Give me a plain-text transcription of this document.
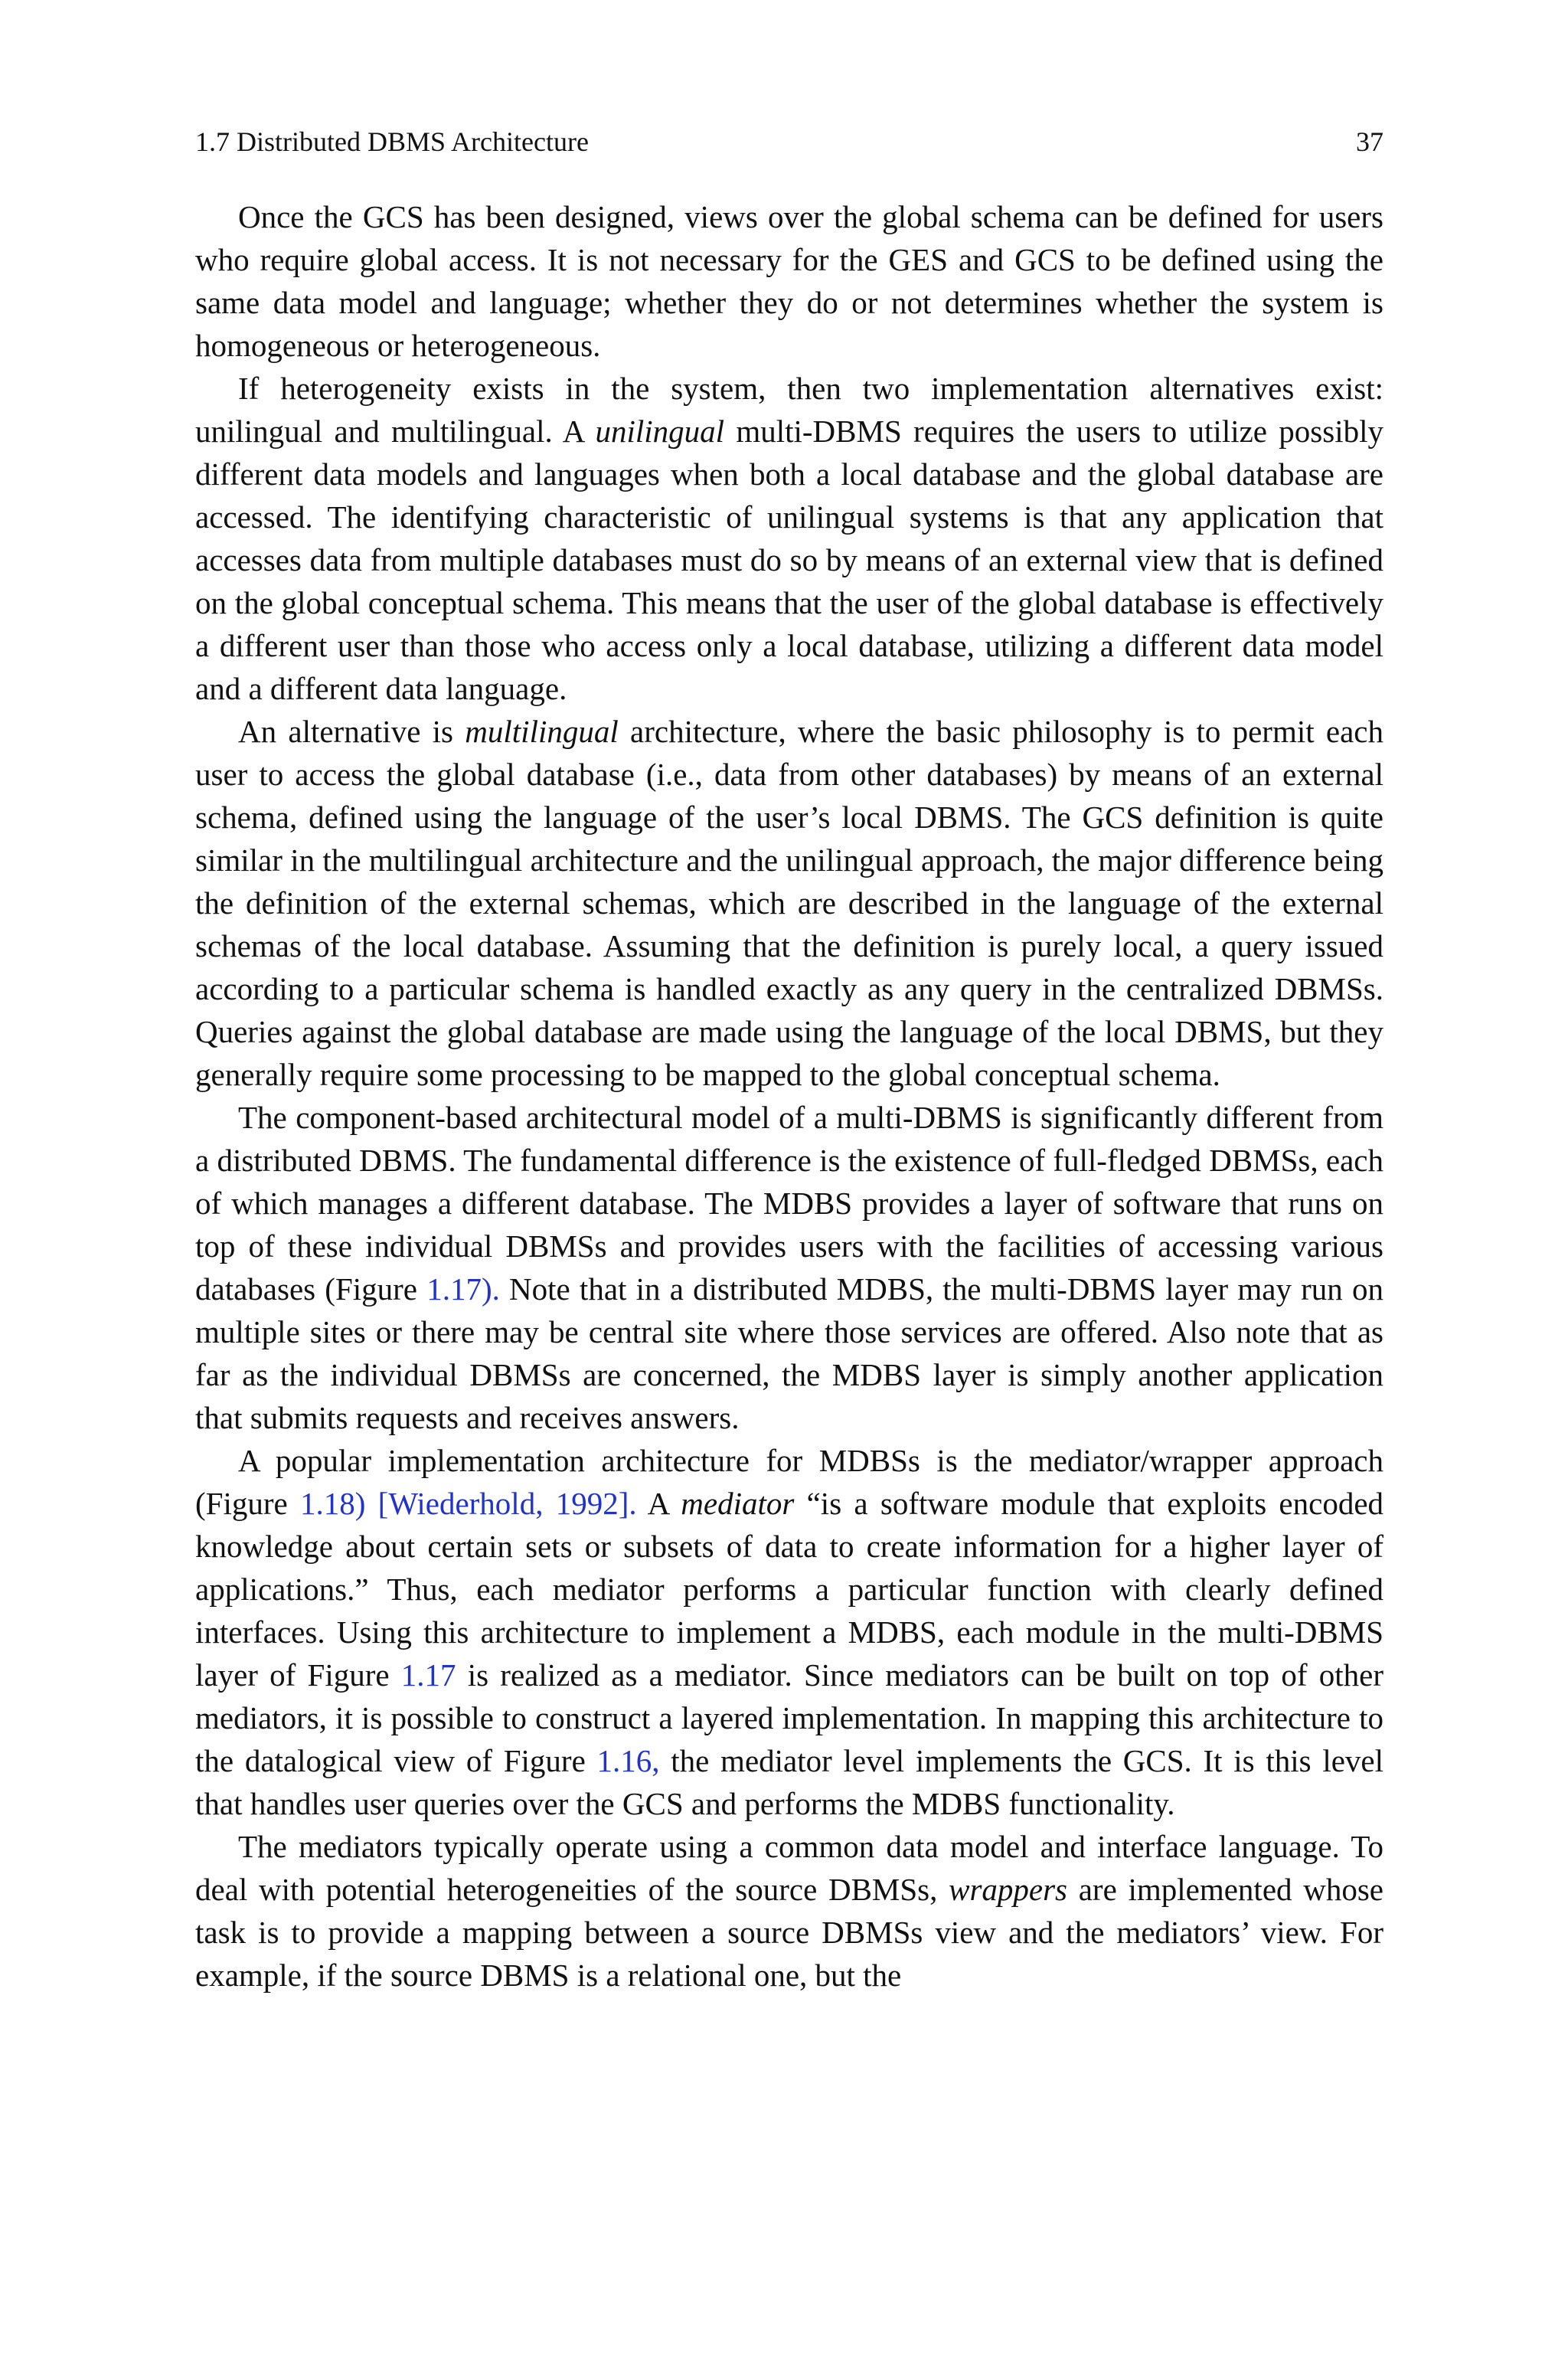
1.7 Distributed DBMS Architecture	37

Once the GCS has been designed, views over the global schema can be defined for users who require global access. It is not necessary for the GES and GCS to be defined using the same data model and language; whether they do or not determines whether the system is homogeneous or heterogeneous.

If heterogeneity exists in the system, then two implementation alternatives exist: unilingual and multilingual. A unilingual multi-DBMS requires the users to utilize possibly different data models and languages when both a local database and the global database are accessed. The identifying characteristic of unilingual systems is that any application that accesses data from multiple databases must do so by means of an external view that is defined on the global conceptual schema. This means that the user of the global database is effectively a different user than those who access only a local database, utilizing a different data model and a different data language.

An alternative is multilingual architecture, where the basic philosophy is to permit each user to access the global database (i.e., data from other databases) by means of an external schema, defined using the language of the user’s local DBMS. The GCS definition is quite similar in the multilingual architecture and the unilingual approach, the major difference being the definition of the external schemas, which are described in the language of the external schemas of the local database. Assuming that the definition is purely local, a query issued according to a particular schema is handled exactly as any query in the centralized DBMSs. Queries against the global database are made using the language of the local DBMS, but they generally require some processing to be mapped to the global conceptual schema.

The component-based architectural model of a multi-DBMS is significantly different from a distributed DBMS. The fundamental difference is the existence of full-fledged DBMSs, each of which manages a different database. The MDBS provides a layer of software that runs on top of these individual DBMSs and provides users with the facilities of accessing various databases (Figure 1.17). Note that in a distributed MDBS, the multi-DBMS layer may run on multiple sites or there may be central site where those services are offered. Also note that as far as the individual DBMSs are concerned, the MDBS layer is simply another application that submits requests and receives answers.

A popular implementation architecture for MDBSs is the mediator/wrapper approach (Figure 1.18) [Wiederhold, 1992]. A mediator “is a software module that exploits encoded knowledge about certain sets or subsets of data to create information for a higher layer of applications.” Thus, each mediator performs a particular function with clearly defined interfaces. Using this architecture to implement a MDBS, each module in the multi-DBMS layer of Figure 1.17 is realized as a mediator. Since mediators can be built on top of other mediators, it is possible to construct a layered implementation. In mapping this architecture to the datalogical view of Figure 1.16, the mediator level implements the GCS. It is this level that handles user queries over the GCS and performs the MDBS functionality.

The mediators typically operate using a common data model and interface language. To deal with potential heterogeneities of the source DBMSs, wrappers are implemented whose task is to provide a mapping between a source DBMSs view and the mediators’ view. For example, if the source DBMS is a relational one, but the
